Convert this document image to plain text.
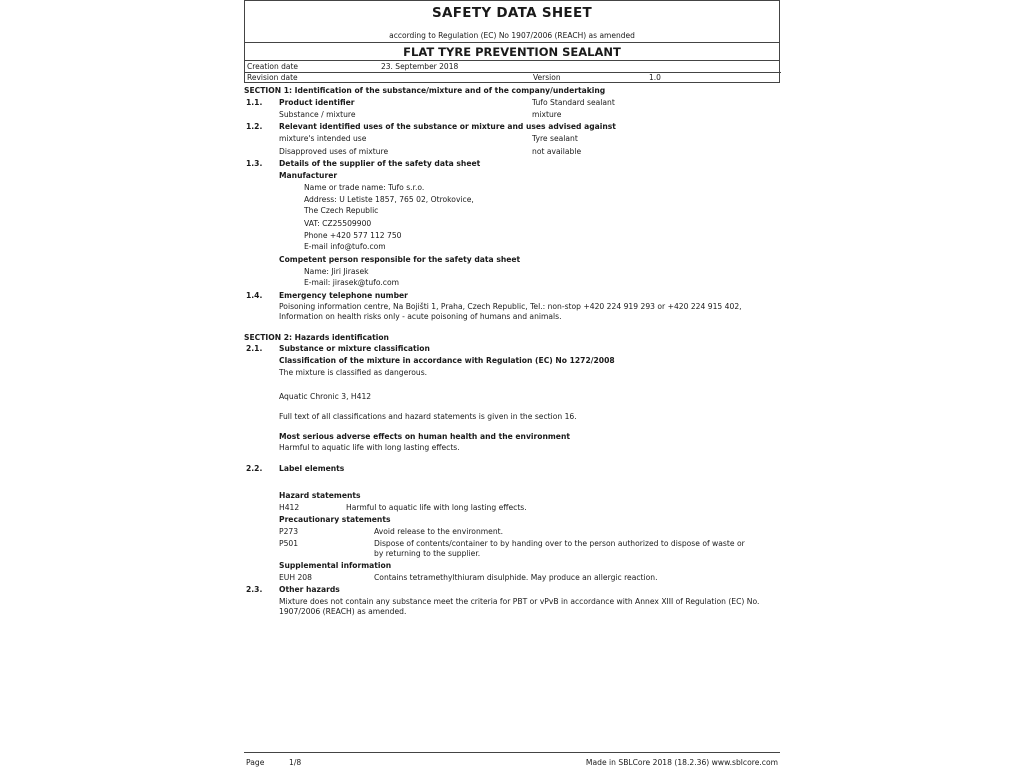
SAFETY DATA SHEET
according to Regulation (EC) No 1907/2006 (REACH) as amended
FLAT TYRE PREVENTION SEALANT
Creation date	23. September 2018
Revision date	Version	1.0
SECTION 1: Identification of the substance/mixture and of the company/undertaking
1.1. Product identifier	Tufo Standard sealant
Substance / mixture	mixture
1.2. Relevant identified uses of the substance or mixture and uses advised against
mixture's intended use	Tyre sealant
Disapproved uses of mixture	not available
1.3. Details of the supplier of the safety data sheet
Manufacturer
Name or trade name: Tufo s.r.o.
Address: U Letiste 1857, 765 02, Otrokovice,
The Czech Republic
VAT: CZ25509900
Phone +420 577 112 750
E-mail info@tufo.com
Competent person responsible for the safety data sheet
Name: Jiri Jirasek
E-mail: jirasek@tufo.com
1.4. Emergency telephone number
Poisoning information centre, Na Bojišti 1, Praha, Czech Republic, Tel.: non-stop +420 224 919 293 or +420 224 915 402, Information on health risks only - acute poisoning of humans and animals.
SECTION 2: Hazards identification
2.1. Substance or mixture classification
Classification of the mixture in accordance with Regulation (EC) No 1272/2008
The mixture is classified as dangerous.
Aquatic Chronic 3, H412
Full text of all classifications and hazard statements is given in the section 16.
Most serious adverse effects on human health and the environment
Harmful to aquatic life with long lasting effects.
2.2. Label elements
Hazard statements
H412	Harmful to aquatic life with long lasting effects.
Precautionary statements
P273	Avoid release to the environment.
P501	Dispose of contents/container to by handing over to the person authorized to dispose of waste or by returning to the supplier.
Supplemental information
EUH 208	Contains tetramethylthiuram disulphide. May produce an allergic reaction.
2.3. Other hazards
Mixture does not contain any substance meet the criteria for PBT or vPvB in accordance with Annex XIII of Regulation (EC) No. 1907/2006 (REACH) as amended.
Page	1/8	Made in SBLCore 2018 (18.2.36) www.sblcore.com
